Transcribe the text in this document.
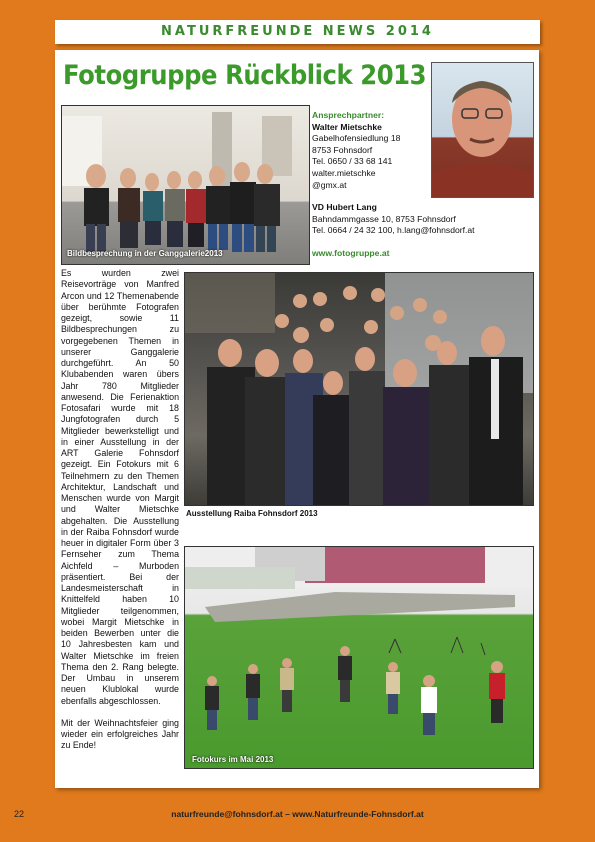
NATURFREUNDE NEWS 2014
Fotogruppe Rückblick 2013
Bildbesprechung in der Ganggalerie2013
Ansprechpartner:
Walter Mietschke
Gabelhofensiedlung 18
8753 Fohnsdorf
Tel. 0650 / 33 68 141
walter.mietschke
@gmx.at
VD Hubert Lang
Bahndammgasse 10, 8753 Fohnsdorf
Tel. 0664 / 24 32 100, h.lang@fohnsdorf.at
www.fotogruppe.at
Ausstellung Raiba Fohnsdorf 2013
Fotokurs im Mai 2013

Es wurden zwei Reisevorträge von Manfred Arcon und 12 Themenabende über berühmte Fotografen gezeigt, sowie 11 Bildbesprechungen zu vorgegebenen Themen in unserer Ganggalerie durchgeführt. An 50 Klubabenden waren übers Jahr 780 Mitglieder anwesend. Die Ferienaktion Fotosafari wurde mit 18 Jungfotografen durch 5 Mitglieder bewerkstelligt und in einer Ausstellung in der ART Galerie Fohnsdorf gezeigt. Ein Fotokurs mit 6 Teilnehmern zu den Themen Architektur, Landschaft und Menschen wurde von Margit und Walter Mietschke abgehalten. Die Ausstellung in der Raiba Fohnsdorf wurde heuer in digitaler Form über 3 Fernseher zum Thema Aichfeld – Murboden präsentiert. Bei der Landesmeisterschaft in Knittelfeld haben 10 Mitglieder teilgenommen, wobei Margit Mietschke in beiden Bewerben unter die 10 Jahresbesten kam und Walter Mietschke im freien Thema den 2. Rang belegte. Der Umbau in unserem neuen Klublokal wurde ebenfalls abgeschlossen.

Mit der Weihnachtsfeier ging wieder ein erfolgreiches Jahr zu Ende!

22	naturfreunde@fohnsdorf.at – www.Naturfreunde-Fohnsdorf.at
